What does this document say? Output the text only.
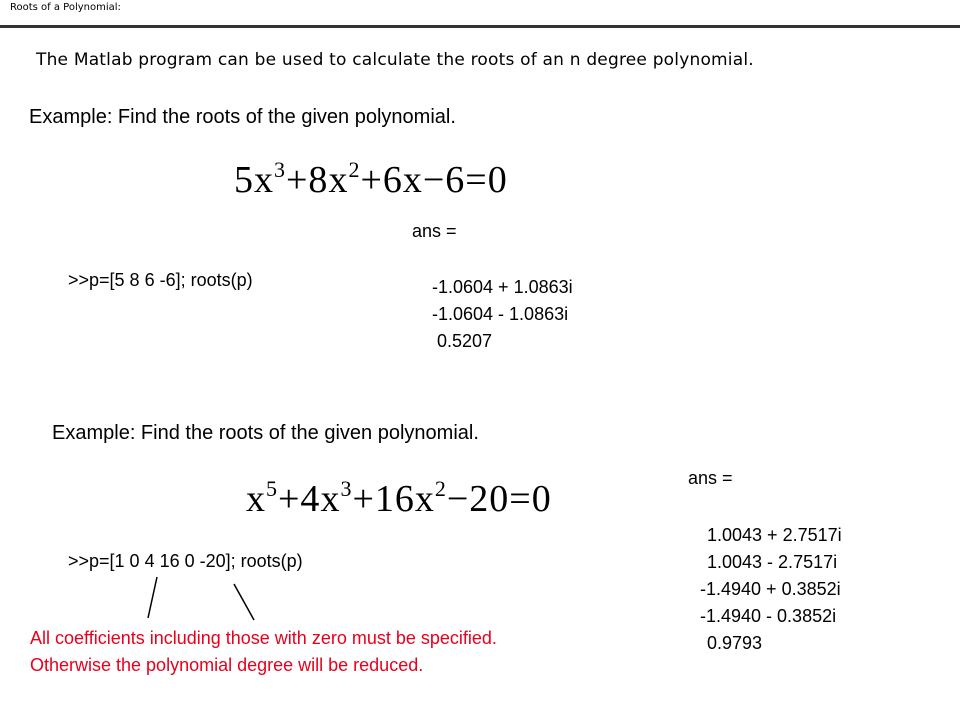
Roots of a Polynomial:
The Matlab program can be used to calculate the roots of an n degree polynomial.
Example: Find the roots of the given polynomial.
$5x^3+8x^2+6x-6=0$
ans =
>>p=[5 8 6 -6]; roots(p)	-1.0604 + 1.0863i
-1.0604 - 1.0863i
0.5207
Example: Find the roots of the given polynomial.
$x^5+4x^3+16x^2-20=0$	ans =
>>p=[1 0 4 16 0 -20]; roots(p)
1.0043 + 2.7517i
1.0043 - 2.7517i
-1.4940 + 0.3852i
-1.4940 - 0.3852i
0.9793
All coefficients including those with zero must be specified.
Otherwise the polynomial degree will be reduced.
